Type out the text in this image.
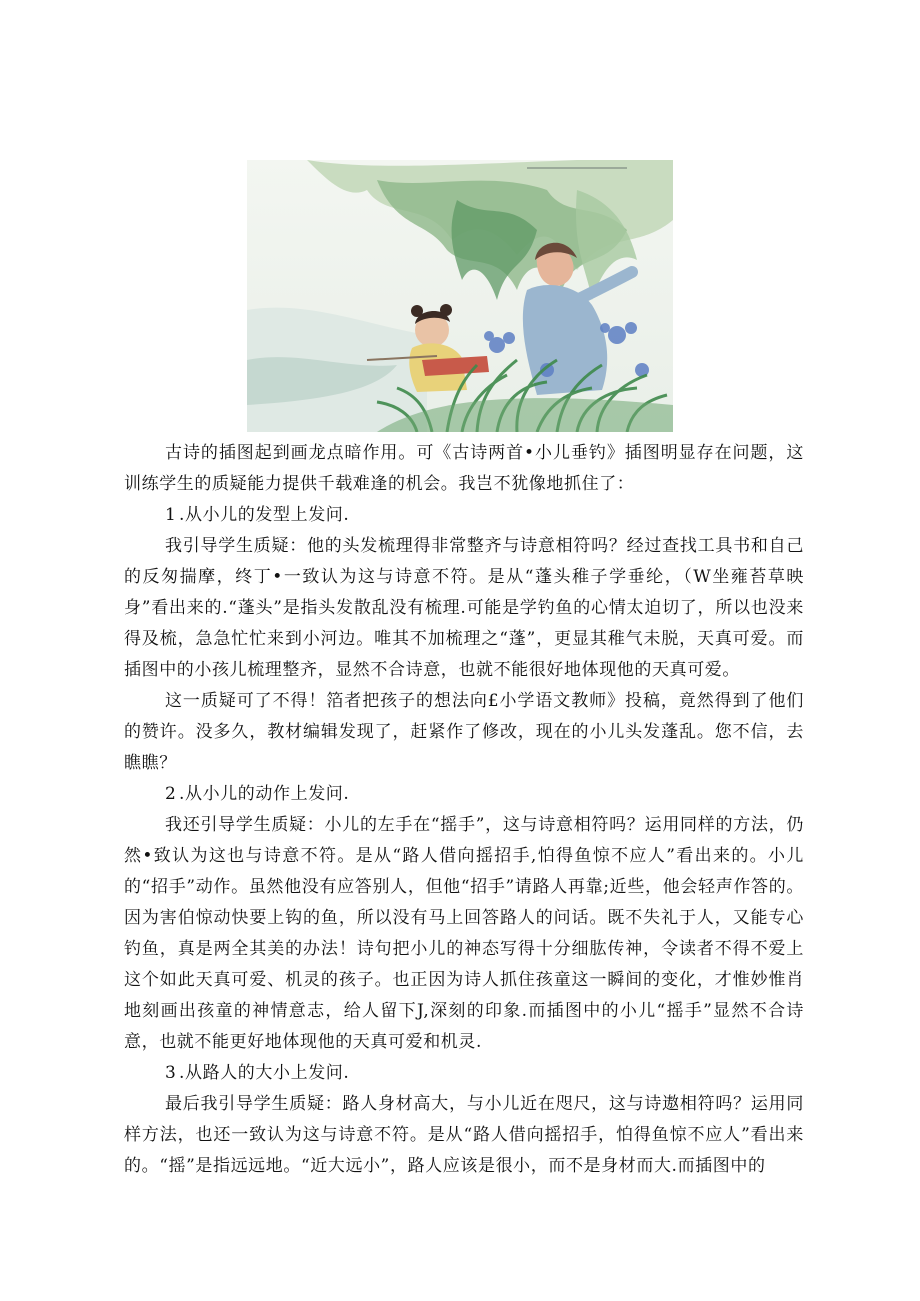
古诗的插图起到画龙点暗作用。可《古诗两首•小儿垂钓》插图明显存在问题，这训练学生的质疑能力提供千载难逢的机会。我岂不犹像地抓住了：

1 .从小儿的发型上发问.

我引导学生质疑：他的头发梳理得非常整齐与诗意相符吗？经过查找工具书和自己的反匆揣摩，终丁•一致认为这与诗意不符。是从“蓬头稚子学垂纶，（W坐雍苔草映身”看出来的.“蓬头”是指头发散乱没有梳理.可能是学钓鱼的心情太迫切了，所以也没来得及梳，急急忙忙来到小河边。唯其不加梳理之“蓬”，更显其稚气未脱，天真可爱。而插图中的小孩儿梳理整齐，显然不合诗意，也就不能很好地体现他的天真可爱。

这一质疑可了不得！箔者把孩子的想法向£小学语文教师》投稿，竟然得到了他们的赞许。没多久，教材编辑发现了，赶紧作了修改，现在的小儿头发蓬乱。您不信，去瞧瞧？

2 .从小儿的动作上发问.

我还引导学生质疑：小儿的左手在“摇手”，这与诗意相符吗？运用同样的方法，仍然•致认为这也与诗意不符。是从“路人借向摇招手,怕得鱼惊不应人”看出来的。小儿的“招手”动作。虽然他没有应答别人，但他“招手”请路人再靠;近些，他会轻声作答的。因为害伯惊动快要上钩的鱼，所以没有马上回答路人的问话。既不失礼于人，又能专心钓鱼，真是两全其美的办法！诗句把小儿的神态写得十分细肱传神，令读者不得不爱上这个如此天真可爱、机灵的孩子。也正因为诗人抓住孩童这一瞬间的变化，才惟妙惟肖地刻画出孩童的神情意志，给人留下J,深刻的印象.而插图中的小儿“摇手”显然不合诗意，也就不能更好地体现他的天真可爱和机灵.

3 .从路人的大小上发问.

最后我引导学生质疑：路人身材高大，与小儿近在咫尺，这与诗遨相符吗？运用同样方法，也还一致认为这与诗意不符。是从“路人借向摇招手，怕得鱼惊不应人”看出来的。“摇”是指远远地。“近大远小”，路人应该是很小，而不是身材而大.而插图中的
